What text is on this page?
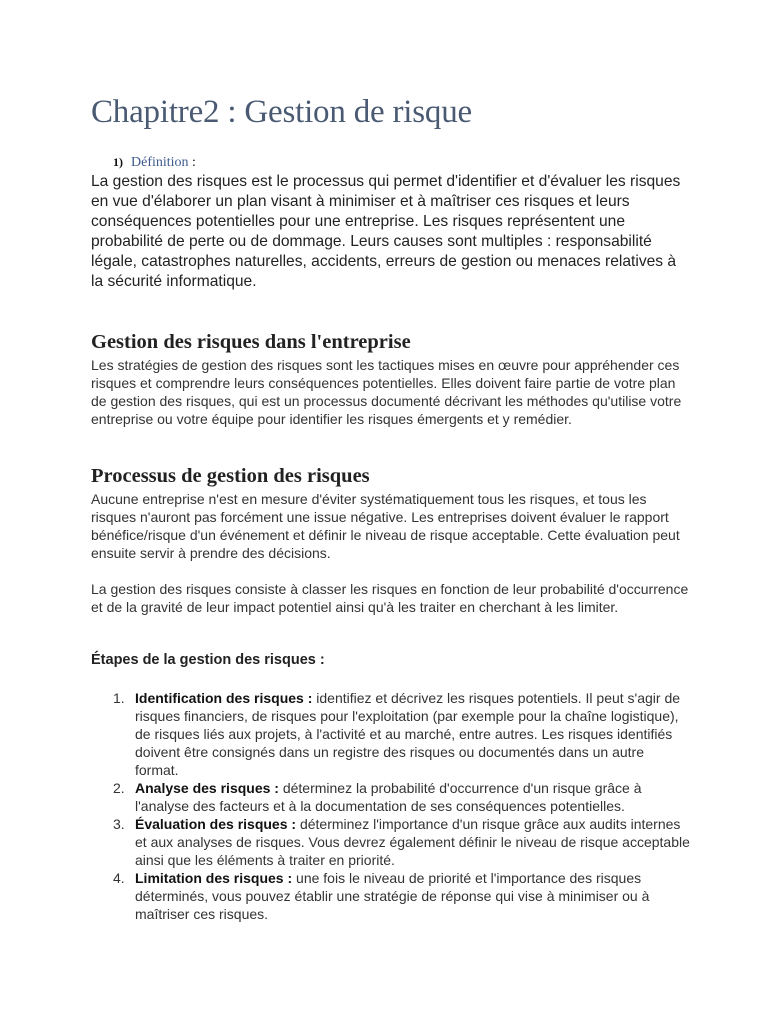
Chapitre2 : Gestion de risque
1) Définition :

La gestion des risques est le processus qui permet d'identifier et d'évaluer les risques en vue d'élaborer un plan visant à minimiser et à maîtriser ces risques et leurs conséquences potentielles pour une entreprise. Les risques représentent une probabilité de perte ou de dommage. Leurs causes sont multiples : responsabilité légale, catastrophes naturelles, accidents, erreurs de gestion ou menaces relatives à la sécurité informatique.

Gestion des risques dans l'entreprise

Les stratégies de gestion des risques sont les tactiques mises en œuvre pour appréhender ces risques et comprendre leurs conséquences potentielles. Elles doivent faire partie de votre plan de gestion des risques, qui est un processus documenté décrivant les méthodes qu'utilise votre entreprise ou votre équipe pour identifier les risques émergents et y remédier.

Processus de gestion des risques

Aucune entreprise n'est en mesure d'éviter systématiquement tous les risques, et tous les risques n'auront pas forcément une issue négative. Les entreprises doivent évaluer le rapport bénéfice/risque d'un événement et définir le niveau de risque acceptable. Cette évaluation peut ensuite servir à prendre des décisions.

La gestion des risques consiste à classer les risques en fonction de leur probabilité d'occurrence et de la gravité de leur impact potentiel ainsi qu'à les traiter en cherchant à les limiter.

Étapes de la gestion des risques :

1. Identification des risques : identifiez et décrivez les risques potentiels. Il peut s'agir de risques financiers, de risques pour l'exploitation (par exemple pour la chaîne logistique), de risques liés aux projets, à l'activité et au marché, entre autres. Les risques identifiés doivent être consignés dans un registre des risques ou documentés dans un autre format.
2. Analyse des risques : déterminez la probabilité d'occurrence d'un risque grâce à l'analyse des facteurs et à la documentation de ses conséquences potentielles.
3. Évaluation des risques : déterminez l'importance d'un risque grâce aux audits internes et aux analyses de risques. Vous devrez également définir le niveau de risque acceptable ainsi que les éléments à traiter en priorité.
4. Limitation des risques : une fois le niveau de priorité et l'importance des risques déterminés, vous pouvez établir une stratégie de réponse qui vise à minimiser ou à maîtriser ces risques.
